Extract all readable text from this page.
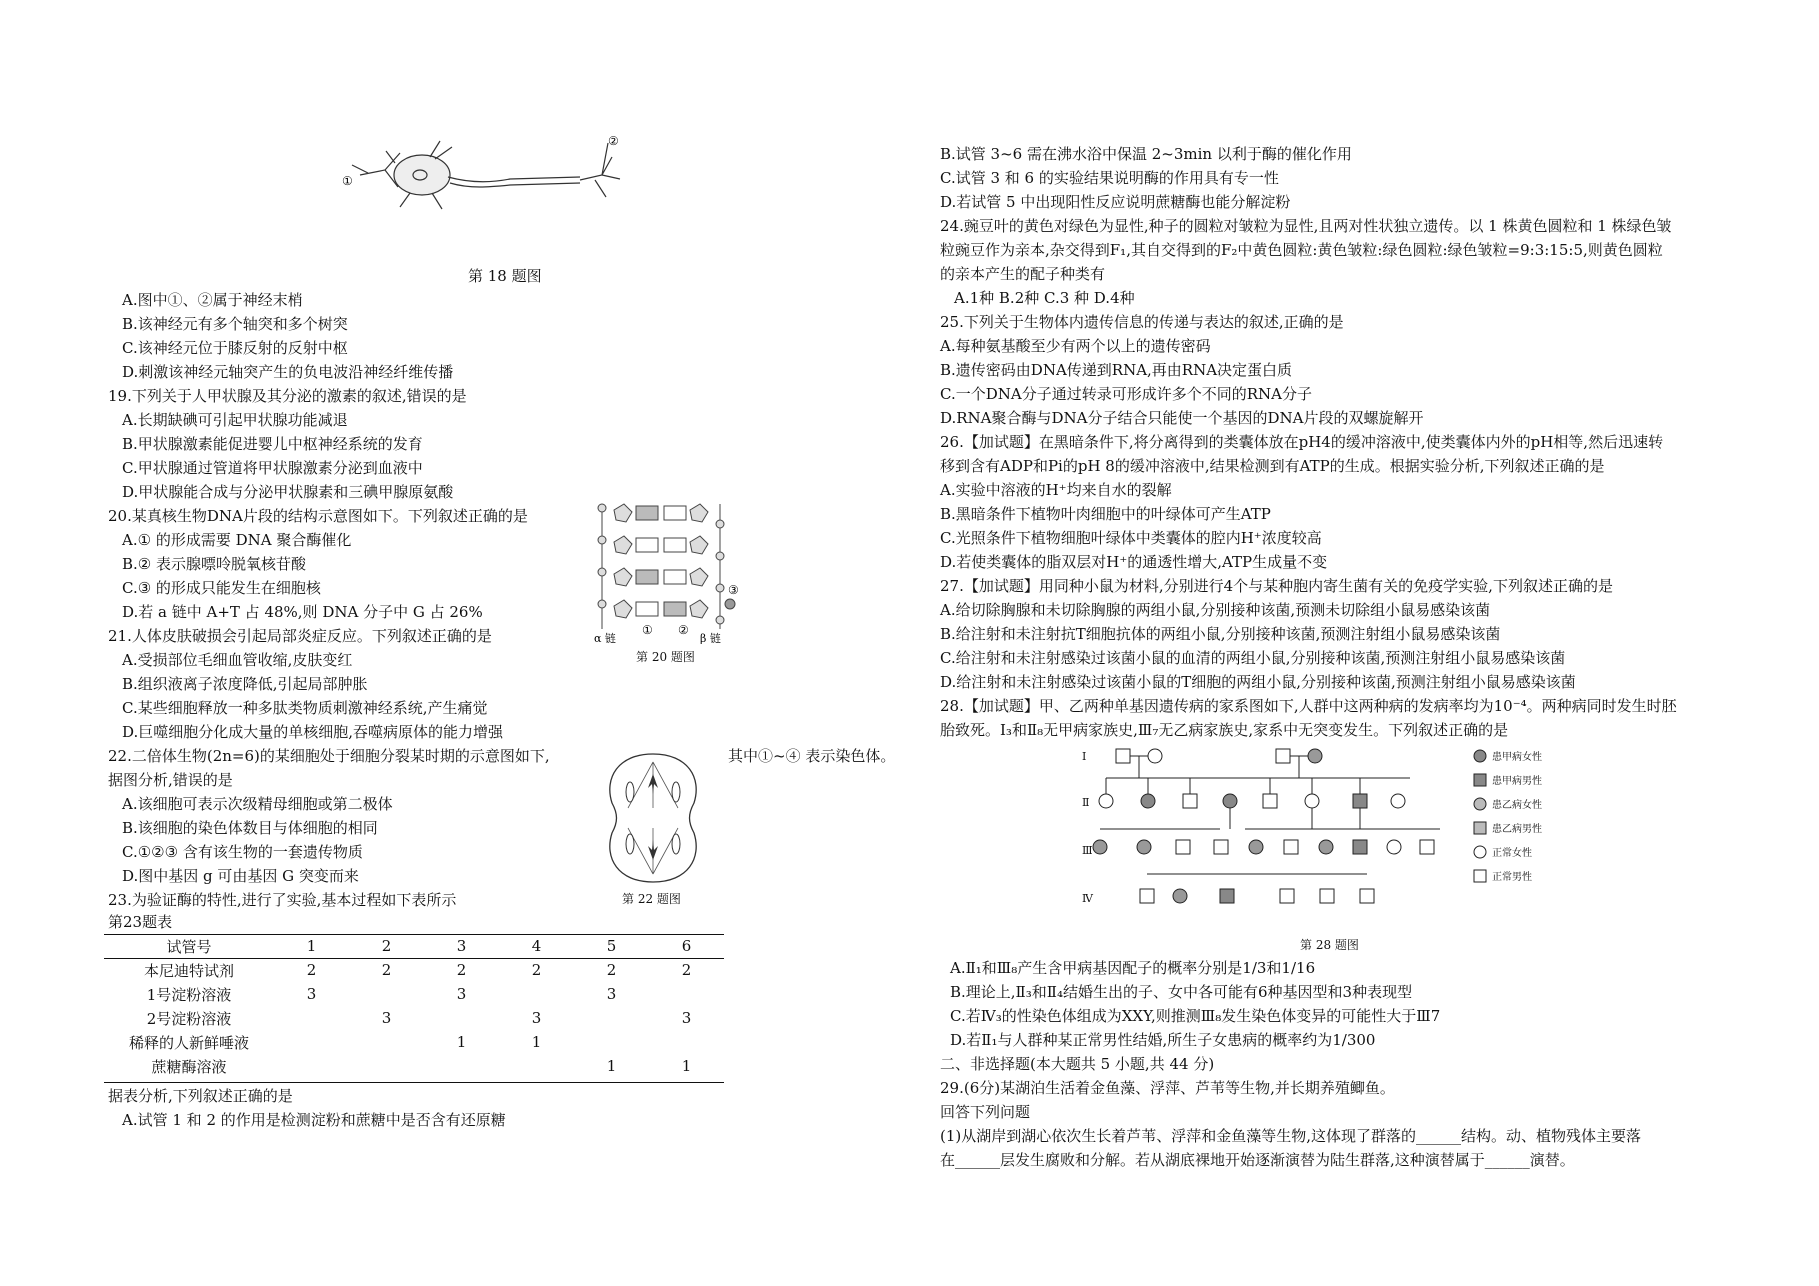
①
②
第 18 题图
A.图中①、②属于神经末梢
B.该神经元有多个轴突和多个树突
C.该神经元位于膝反射的反射中枢
D.刺激该神经元轴突产生的负电波沿神经纤维传播
19.下列关于人甲状腺及其分泌的激素的叙述,错误的是
A.长期缺碘可引起甲状腺功能减退
B.甲状腺激素能促进婴儿中枢神经系统的发育
C.甲状腺通过管道将甲状腺激素分泌到血液中
D.甲状腺能合成与分泌甲状腺素和三碘甲腺原氨酸
20.某真核生物DNA片段的结构示意图如下。下列叙述正确的是
A.① 的形成需要 DNA 聚合酶催化
B.② 表示腺嘌呤脱氧核苷酸
C.③ 的形成只能发生在细胞核
D.若 a 链中 A+T 占 48%,则 DNA 分子中 G 占 26%
α 链	β 链
① ②
③
第 20 题图
21.人体皮肤破损会引起局部炎症反应。下列叙述正确的是
A.受损部位毛细血管收缩,皮肤变红
B.组织液离子浓度降低,引起局部肿胀
C.某些细胞释放一种多肽类物质刺激神经系统,产生痛觉
D.巨噬细胞分化成大量的单核细胞,吞噬病原体的能力增强
22.二倍体生物(2n=6)的某细胞处于细胞分裂某时期的示意图如下,	其中①~④ 表示染色体。
据图分析,错误的是
A.该细胞可表示次级精母细胞或第二极体
B.该细胞的染色体数目与体细胞的相同
C.①②③ 含有该生物的一套遗传物质
D.图中基因 g 可由基因 G 突变而来
第 22 题图
23.为验证酶的特性,进行了实验,基本过程如下表所示
第23题表
试管号	1	2	3	4	5	6
本尼迪特试剂	2	2	2	2	2	2
1号淀粉溶液	3		3		3	
2号淀粉溶液		3		3		3
稀释的人新鲜唾液			1	1		
蔗糖酶溶液					1	1
据表分析,下列叙述正确的是
A.试管 1 和 2 的作用是检测淀粉和蔗糖中是否含有还原糖
B.试管 3~6 需在沸水浴中保温 2~3min 以利于酶的催化作用
C.试管 3 和 6 的实验结果说明酶的作用具有专一性
D.若试管 5 中出现阳性反应说明蔗糖酶也能分解淀粉
24.豌豆叶的黄色对绿色为显性,种子的圆粒对皱粒为显性,且两对性状独立遗传。以 1 株黄色圆粒和 1 株绿色皱
粒豌豆作为亲本,杂交得到F₁,其自交得到的F₂中黄色圆粒:黄色皱粒:绿色圆粒:绿色皱粒=9:3:15:5,则黄色圆粒
的亲本产生的配子种类有
A.1种 B.2种 C.3 种 D.4种
25.下列关于生物体内遗传信息的传递与表达的叙述,正确的是
A.每种氨基酸至少有两个以上的遗传密码
B.遗传密码由DNA传递到RNA,再由RNA决定蛋白质
C.一个DNA分子通过转录可形成许多个不同的RNA分子
D.RNA聚合酶与DNA分子结合只能使一个基因的DNA片段的双螺旋解开
26.【加试题】在黑暗条件下,将分离得到的类囊体放在pH4的缓冲溶液中,使类囊体内外的pH相等,然后迅速转
移到含有ADP和Pi的pH 8的缓冲溶液中,结果检测到有ATP的生成。根据实验分析,下列叙述正确的是
A.实验中溶液的H⁺均来自水的裂解
B.黑暗条件下植物叶肉细胞中的叶绿体可产生ATP
C.光照条件下植物细胞叶绿体中类囊体的腔内H⁺浓度较高
D.若使类囊体的脂双层对H⁺的通透性增大,ATP生成量不变
27.【加试题】用同种小鼠为材料,分别进行4个与某种胞内寄生菌有关的免疫学实验,下列叙述正确的是
A.给切除胸腺和未切除胸腺的两组小鼠,分别接种该菌,预测未切除组小鼠易感染该菌
B.给注射和未注射抗T细胞抗体的两组小鼠,分别接种该菌,预测注射组小鼠易感染该菌
C.给注射和未注射感染过该菌小鼠的血清的两组小鼠,分别接种该菌,预测注射组小鼠易感染该菌
D.给注射和未注射感染过该菌小鼠的T细胞的两组小鼠,分别接种该菌,预测注射组小鼠易感染该菌
28.【加试题】甲、乙两种单基因遗传病的家系图如下,人群中这两种病的发病率均为10⁻⁴。两种病同时发生时胚
胎致死。Ⅰ₃和Ⅱ₈无甲病家族史,Ⅲ₇无乙病家族史,家系中无突变发生。下列叙述正确的是
Ⅰ
Ⅱ
Ⅲ
Ⅳ
患甲病女性
患甲病男性
患乙病女性
患乙病男性
正常女性
正常男性
第 28 题图
A.Ⅱ₁和Ⅲ₈产生含甲病基因配子的概率分别是1/3和1/16
B.理论上,Ⅱ₃和Ⅱ₄结婚生出的子、女中各可能有6种基因型和3种表现型
C.若Ⅳ₃的性染色体组成为XXY,则推测Ⅲ₈发生染色体变异的可能性大于Ⅲ7
D.若Ⅱ₁与人群种某正常男性结婚,所生子女患病的概率约为1/300
二、非选择题(本大题共 5 小题,共 44 分)
29.(6分)某湖泊生活着金鱼藻、浮萍、芦苇等生物,并长期养殖鲫鱼。
回答下列问题
(1)从湖岸到湖心依次生长着芦苇、浮萍和金鱼藻等生物,这体现了群落的______结构。动、植物残体主要落
在______层发生腐败和分解。若从湖底裸地开始逐渐演替为陆生群落,这种演替属于______演替。
